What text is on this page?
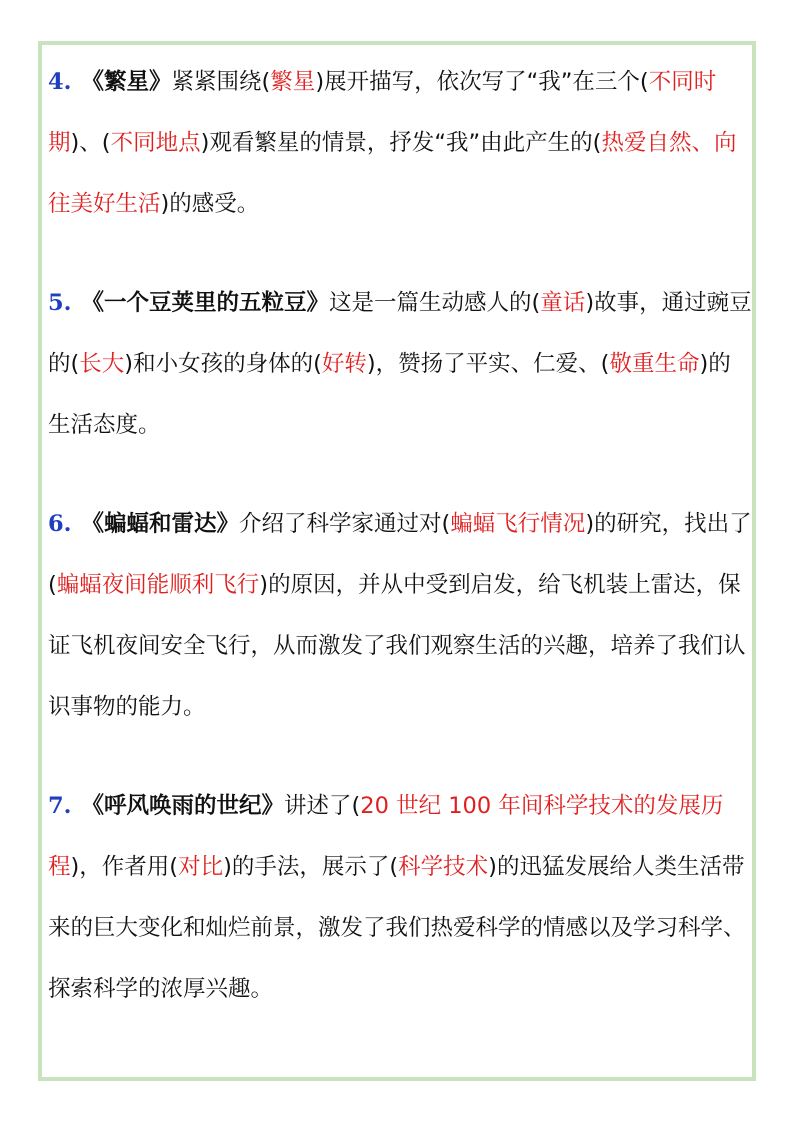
4. 《繁星》紧紧围绕(繁星)展开描写，依次写了“我”在三个(不同时期)、(不同地点)观看繁星的情景，抒发“我”由此产生的(热爱自然、向往美好生活)的感受。

5. 《一个豆荚里的五粒豆》这是一篇生动感人的(童话)故事，通过豌豆的(长大)和小女孩的身体的(好转)，赞扬了平实、仁爱、(敬重生命)的生活态度。

6. 《蝙蝠和雷达》介绍了科学家通过对(蝙蝠飞行情况)的研究，找出了(蝙蝠夜间能顺利飞行)的原因，并从中受到启发，给飞机装上雷达，保证飞机夜间安全飞行，从而激发了我们观察生活的兴趣，培养了我们认识事物的能力。

7. 《呼风唤雨的世纪》讲述了(20 世纪 100 年间科学技术的发展历程)，作者用(对比)的手法，展示了(科学技术)的迅猛发展给人类生活带来的巨大变化和灿烂前景，激发了我们热爱科学的情感以及学习科学、探索科学的浓厚兴趣。
